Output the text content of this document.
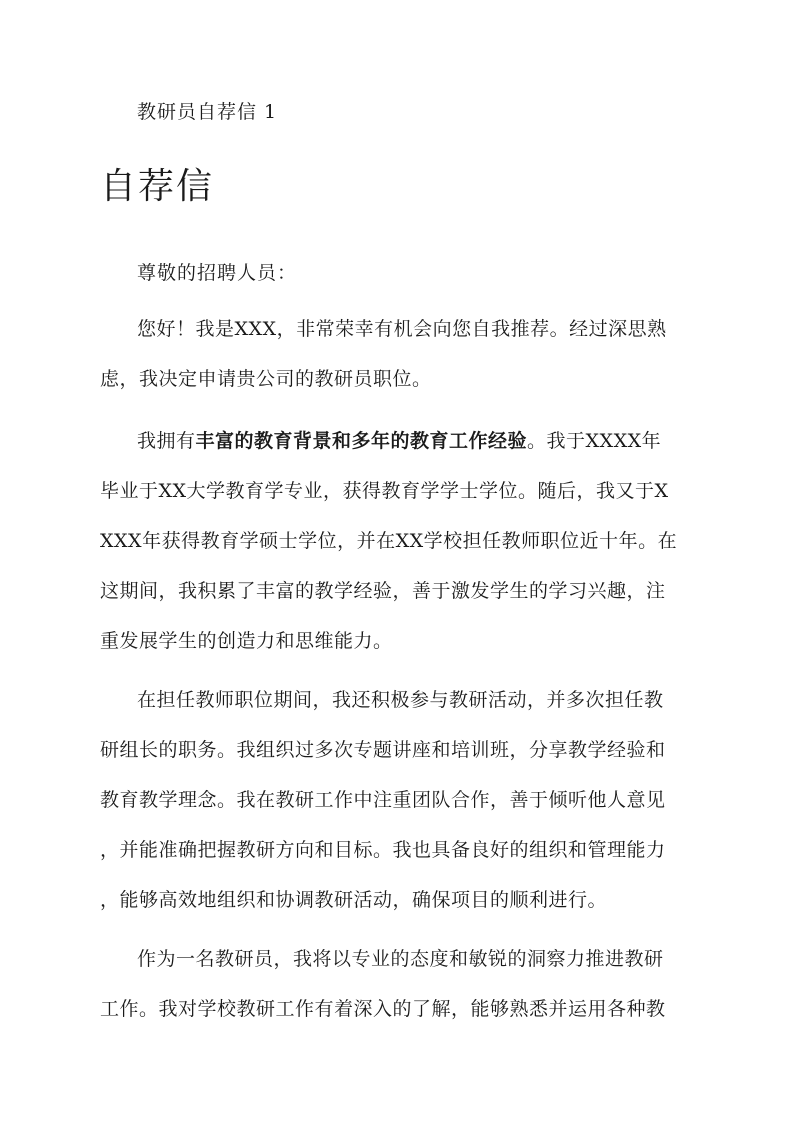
教研员自荐信 1
自荐信
尊敬的招聘人员：
您好！我是XXX，非常荣幸有机会向您自我推荐。经过深思熟
虑，我决定申请贵公司的教研员职位。
我拥有丰富的教育背景和多年的教育工作经验。我于XXXX年
毕业于XX大学教育学专业，获得教育学学士学位。随后，我又于X
XXX年获得教育学硕士学位，并在XX学校担任教师职位近十年。在
这期间，我积累了丰富的教学经验，善于激发学生的学习兴趣，注
重发展学生的创造力和思维能力。
在担任教师职位期间，我还积极参与教研活动，并多次担任教
研组长的职务。我组织过多次专题讲座和培训班，分享教学经验和
教育教学理念。我在教研工作中注重团队合作，善于倾听他人意见
，并能准确把握教研方向和目标。我也具备良好的组织和管理能力
，能够高效地组织和协调教研活动，确保项目的顺利进行。
作为一名教研员，我将以专业的态度和敏锐的洞察力推进教研
工作。我对学校教研工作有着深入的了解，能够熟悉并运用各种教
